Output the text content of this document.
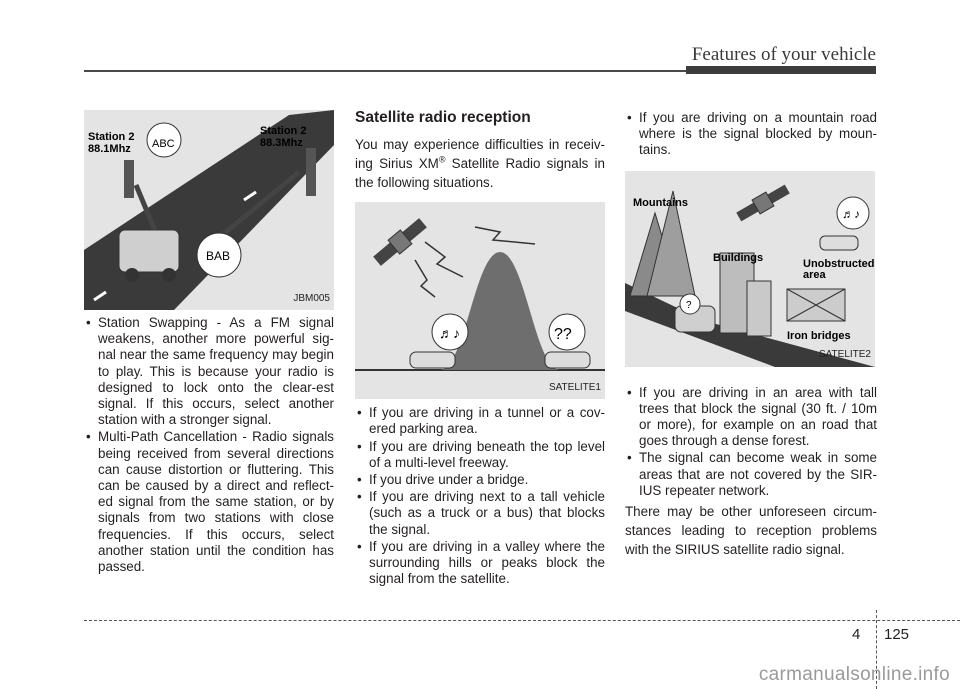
Features of your vehicle
ABC
BAB
Station 2
88.1Mhz
Station 2
88.3Mhz
JBM005
• Station Swapping - As a FM signal weakens, another more powerful sig-nal near the same frequency may begin to play. This is because your radio is designed to lock onto the clear-est signal. If this occurs, select another station with a stronger signal.
• Multi-Path Cancellation - Radio signals being received from several directions can cause distortion or fluttering. This can be caused by a direct and reflect-ed signal from the same station, or by signals from two stations with close frequencies. If this occurs, select another station until the condition has passed.
Satellite radio reception

You may experience difficulties in receiv-ing Sirius XM® Satellite Radio signals in the following situations.

♬♪	??
SATELITE1
• If you are driving in a tunnel or a cov-ered parking area.
• If you are driving beneath the top level of a multi-level freeway.
• If you drive under a bridge.
• If you are driving next to a tall vehicle (such as a truck or a bus) that blocks the signal.
• If you are driving in a valley where the surrounding hills or peaks block the signal from the satellite.
• If you are driving on a mountain road where is the signal blocked by moun-tains.
?
♬♪
Mountains
Buildings	Unobstructed
area
Iron bridges
SATELITE2
• If you are driving in an area with tall trees that block the signal (30 ft. / 10m or more), for example on an road that goes through a dense forest.
• The signal can become weak in some areas that are not covered by the SIR-IUS repeater network.

There may be other unforeseen circum-stances leading to reception problems with the SIRIUS satellite radio signal.

4 125
carmanualsonline.info
